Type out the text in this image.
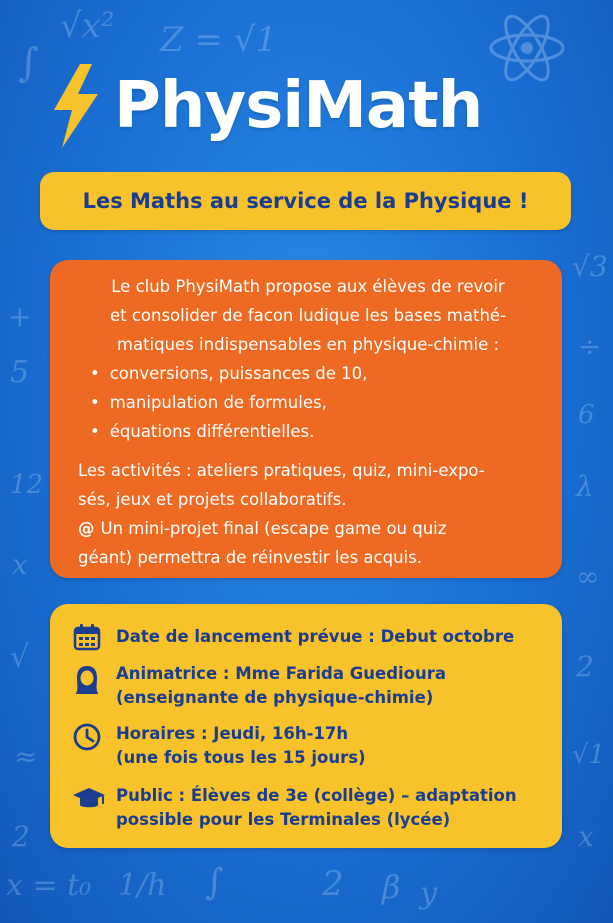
√x² Z = √1
∫
x = t₀ 1/h ∫	2 β y
x
12
√3
÷
5
λ
6
∞
√
+
2
√1
≈
x
2
PhysiMath
Les Maths au service de la Physique !

Le club PhysiMath propose aux élèves de revoir
et consolider de facon ludique les bases mathé-
matiques indispensables en physique-chimie :

• conversions, puissances de 10,
• manipulation de formules,
• équations différentielles.

Les activités : ateliers pratiques, quiz, mini-expo-
sés, jeux et projets collaboratifs.

@ Un mini-projet final (escape game ou quiz
géant) permettra de réinvestir les acquis.

Date de lancement prévue : Debut octobre
Animatrice : Mme Farida Guedioura
(enseignante de physique-chimie)
Horaires : Jeudi, 16h-17h
(une fois tous les 15 jours)
Public : Élèves de 3e (collège) – adaptation
possible pour les Terminales (lycée)
